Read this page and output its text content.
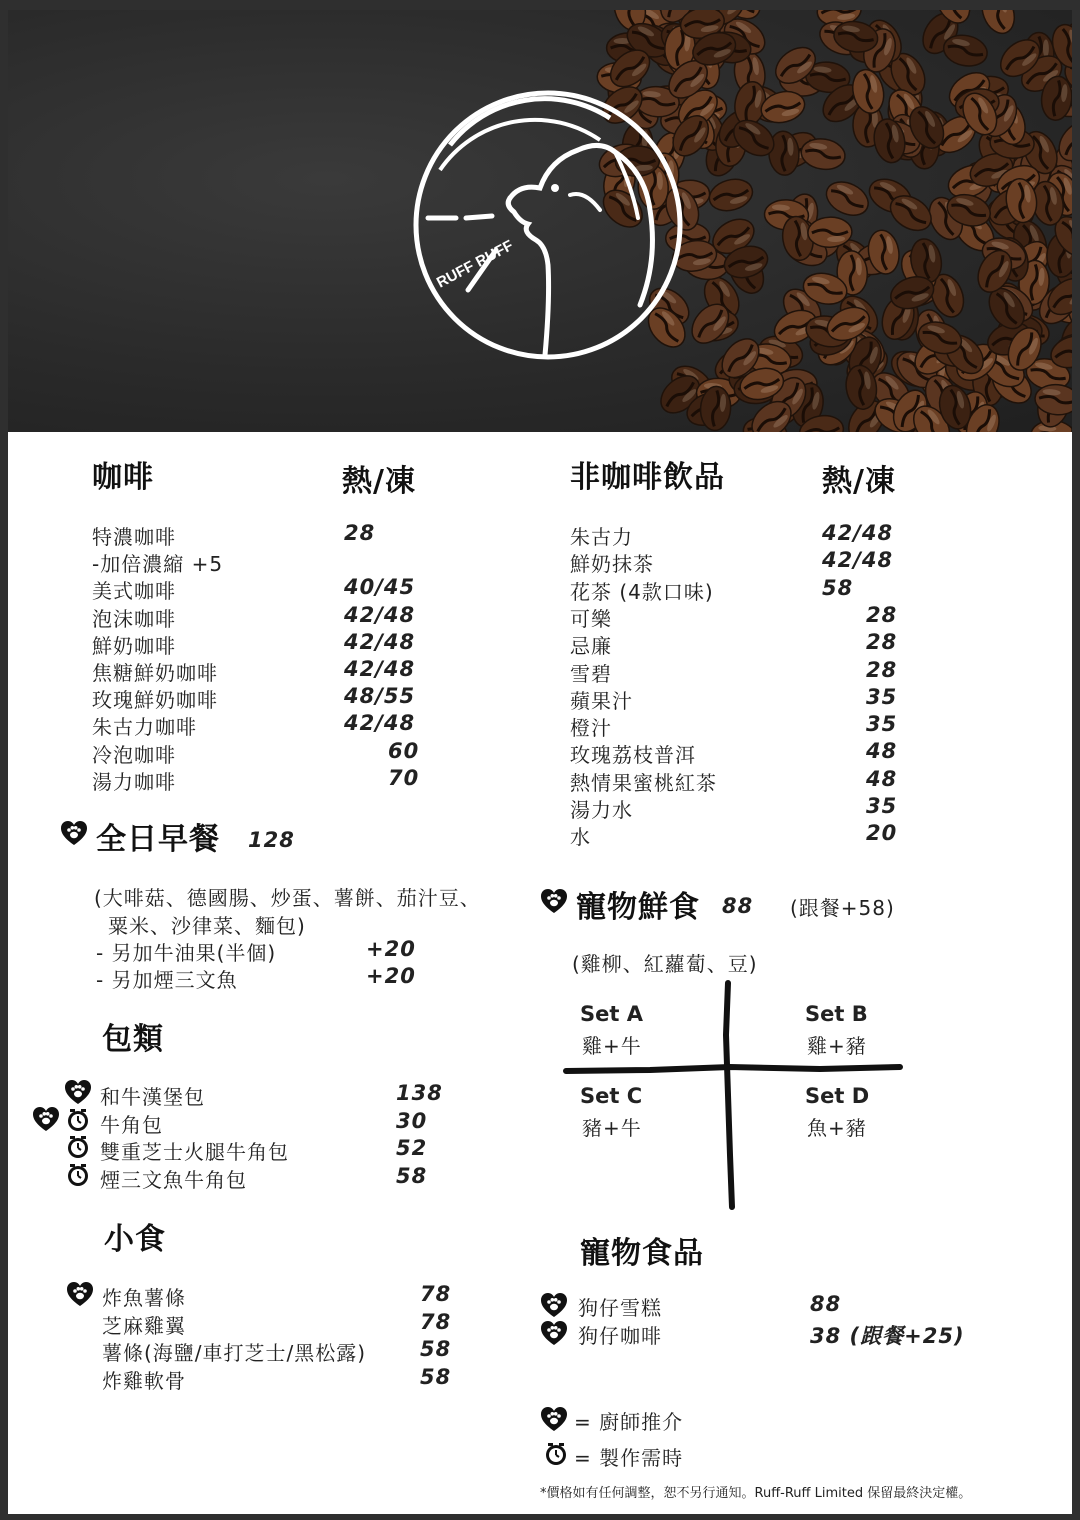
RUFF RUFF
咖啡	熱/凍
特濃咖啡	28
-加倍濃縮 +5
美式咖啡	40/45
泡沫咖啡	42/48
鮮奶咖啡	42/48
焦糖鮮奶咖啡	42/48
玫瑰鮮奶咖啡	48/55
朱古力咖啡	42/48
冷泡咖啡	60
湯力咖啡	70
非咖啡飲品	熱/凍
朱古力	42/48
鮮奶抹茶	42/48
花茶 (4款口味)	58
可樂	28
忌廉	28
雪碧	28
蘋果汁	35
橙汁	35
玫瑰荔枝普洱	48
熱情果蜜桃紅茶	48
湯力水	35
水	20
全日早餐 128
(大啡菇、德國腸、炒蛋、薯餅、茄汁豆、
粟米、沙律菜、麵包)
- 另加牛油果(半個)	+20
- 另加煙三文魚	+20
包類
和牛漢堡包	138
牛角包	30
雙重芝士火腿牛角包	52
煙三文魚牛角包	58
小食
炸魚薯條	78
芝麻雞翼	78
薯條(海鹽/車打芝士/黑松露)	58
炸雞軟骨	58
寵物鮮食 88 (跟餐+58)
(雞柳、紅蘿蔔、豆)
Set A
雞+牛
Set B
雞+豬
Set C
豬+牛
Set D
魚+豬
寵物食品
狗仔雪糕	88
狗仔咖啡	38 (跟餐+25)
= 廚師推介
= 製作需時
*價格如有任何調整，恕不另行通知。Ruff-Ruff Limited 保留最終決定權。
